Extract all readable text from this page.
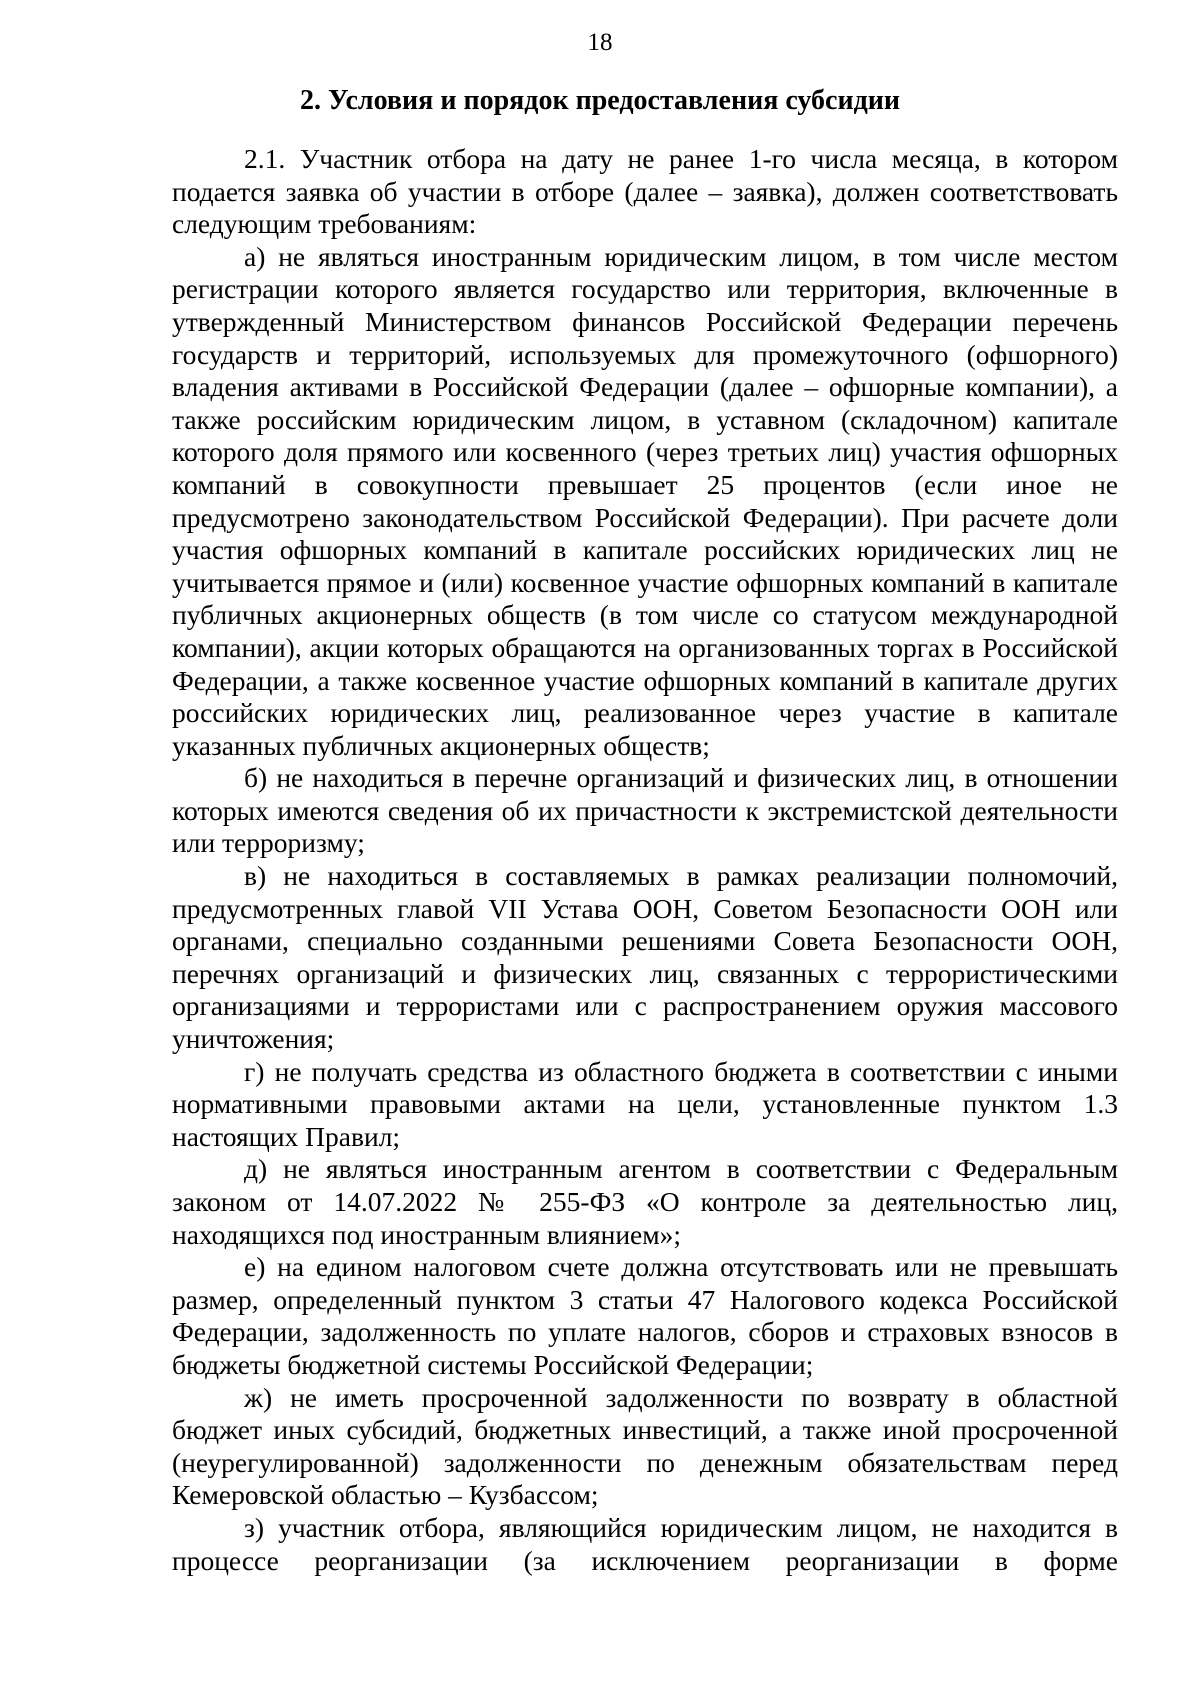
18
2. Условия и порядок предоставления субсидии

2.1. Участник отбора на дату не ранее 1-го числа месяца, в котором подается заявка об участии в отборе (далее – заявка), должен соответствовать следующим требованиям:

а) не являться иностранным юридическим лицом, в том числе местом регистрации которого является государство или территория, включенные в утвержденный Министерством финансов Российской Федерации перечень государств и территорий, используемых для промежуточного (офшорного) владения активами в Российской Федерации (далее – офшорные компании), а также российским юридическим лицом, в уставном (складочном) капитале которого доля прямого или косвенного (через третьих лиц) участия офшорных компаний в совокупности превышает 25 процентов (если иное не предусмотрено законодательством Российской Федерации). При расчете доли участия офшорных компаний в капитале российских юридических лиц не учитывается прямое и (или) косвенное участие офшорных компаний в капитале публичных акционерных обществ (в том числе со статусом международной компании), акции которых обращаются на организованных торгах в Российской Федерации, а также косвенное участие офшорных компаний в капитале других российских юридических лиц, реализованное через участие в капитале указанных публичных акционерных обществ;

б) не находиться в перечне организаций и физических лиц, в отношении которых имеются сведения об их причастности к экстремистской деятельности или терроризму;

в) не находиться в составляемых в рамках реализации полномочий, предусмотренных главой VII Устава ООН, Советом Безопасности ООН или органами, специально созданными решениями Совета Безопасности ООН, перечнях организаций и физических лиц, связанных с террористическими организациями и террористами или с распространением оружия массового уничтожения;

г) не получать средства из областного бюджета в соответствии с иными нормативными правовыми актами на цели, установленные пунктом 1.3 настоящих Правил;

д) не являться иностранным агентом в соответствии с Федеральным законом от 14.07.2022 № 255-ФЗ «О контроле за деятельностью лиц, находящихся под иностранным влиянием»;

е) на едином налоговом счете должна отсутствовать или не превышать размер, определенный пунктом 3 статьи 47 Налогового кодекса Российской Федерации, задолженность по уплате налогов, сборов и страховых взносов в бюджеты бюджетной системы Российской Федерации;

ж) не иметь просроченной задолженности по возврату в областной бюджет иных субсидий, бюджетных инвестиций, а также иной просроченной (неурегулированной) задолженности по денежным обязательствам перед Кемеровской областью – Кузбассом;

з) участник отбора, являющийся юридическим лицом, не находится в процессе реорганизации (за исключением реорганизации в форме
